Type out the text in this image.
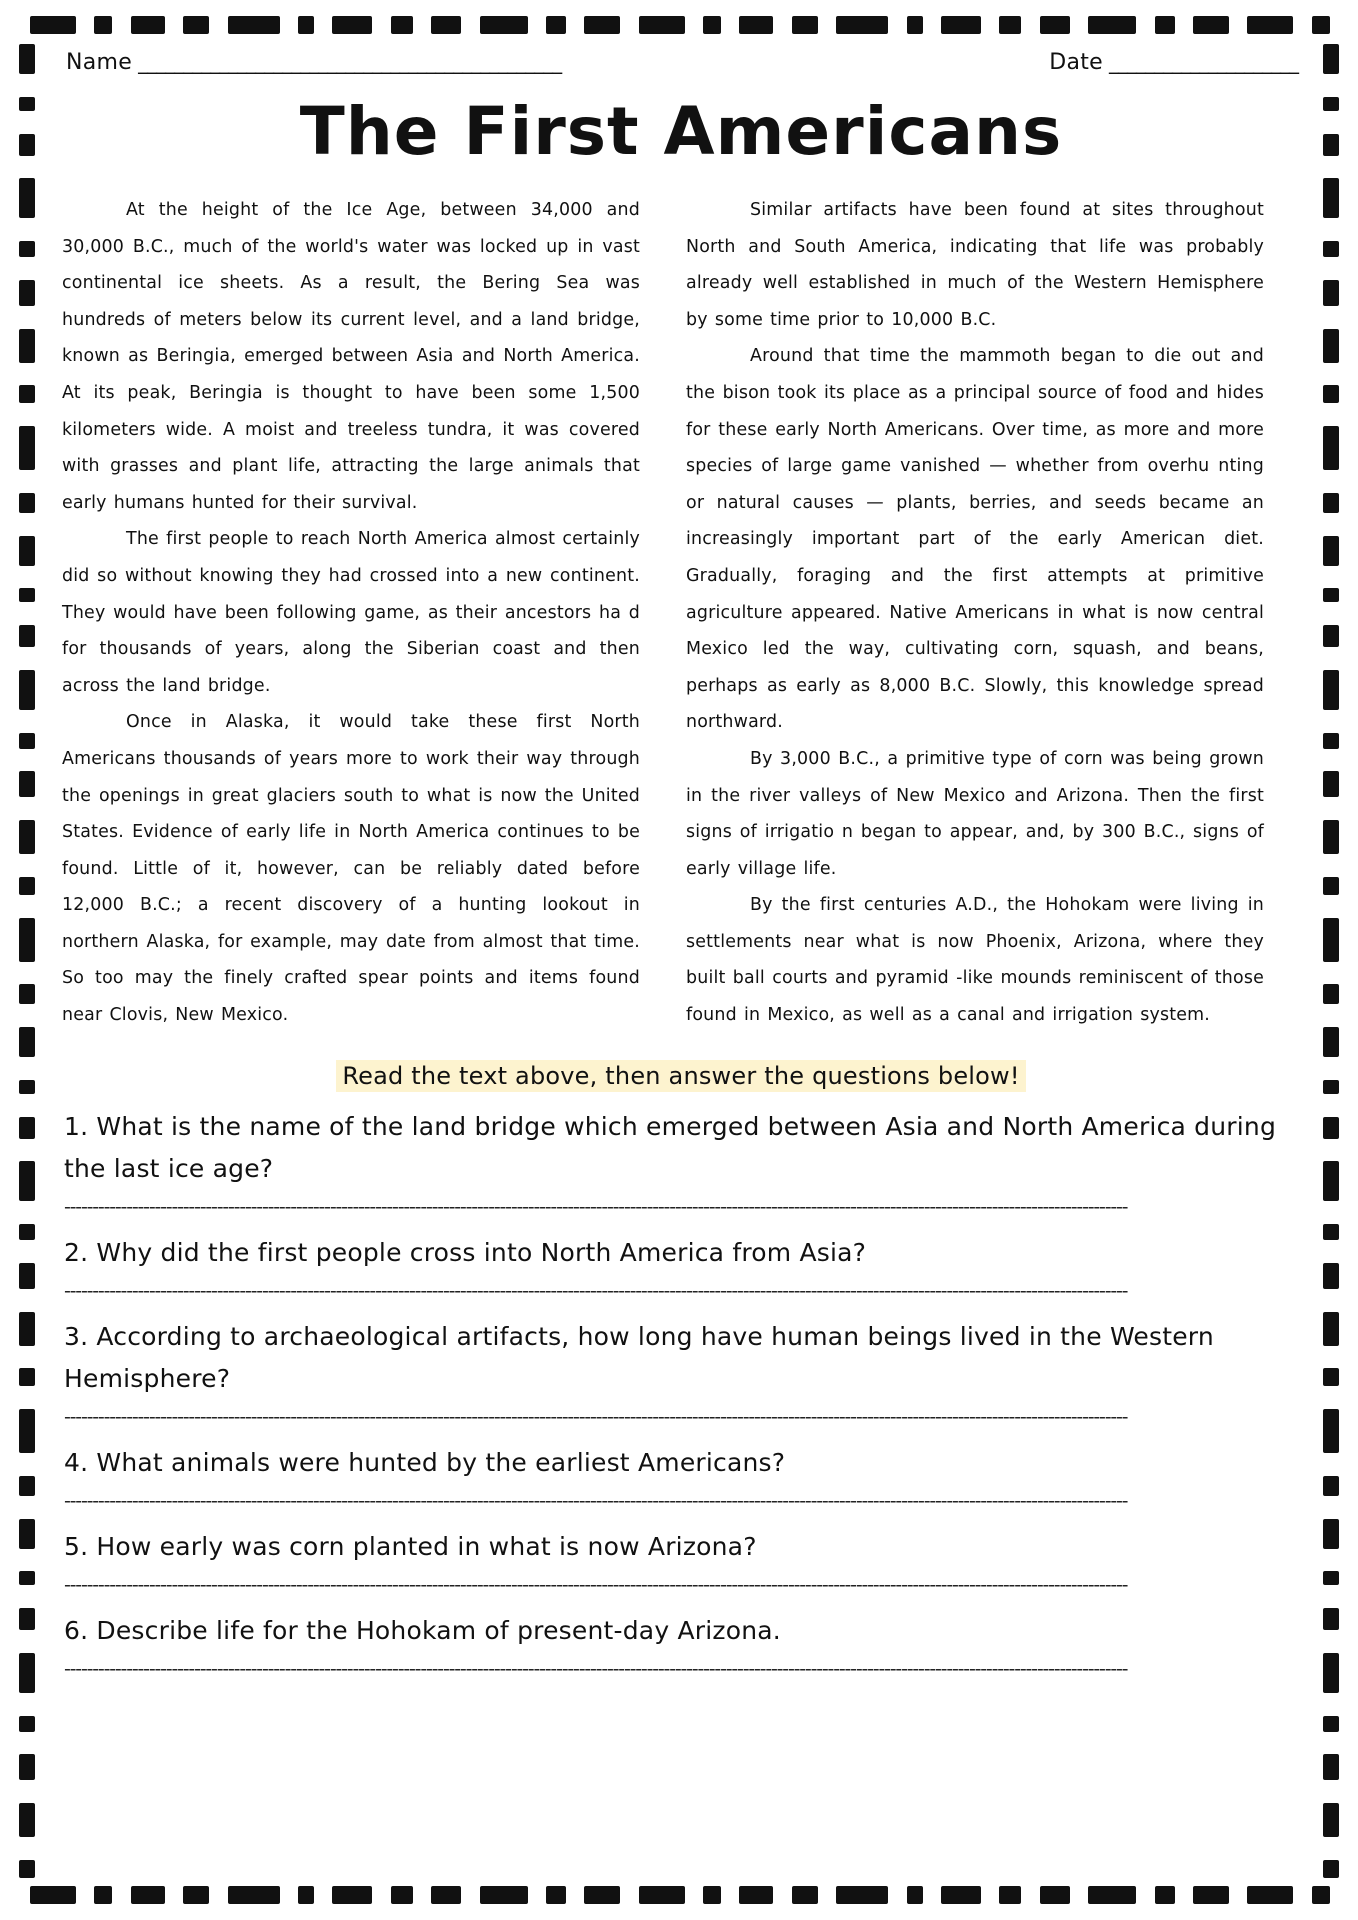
Name _______________________________________________	Date _____________________
The First Americans

At the height of the Ice Age, between 34,000 and 30,000 B.C., much of the world's water was locked up in vast continental ice sheets. As a result, the Bering Sea was hundreds of meters below its current level, and a land bridge, known as Beringia, emerged between Asia and North America. At its peak, Beringia is thought to have been some 1,500 kilometers wide. A moist and treeless tundra, it was covered with grasses and plant life, attracting the large animals that early humans hunted for their survival.

The first people to reach North America almost certainly did so without knowing they had crossed into a new continent. They would have been following game, as their ancestors ha d for thousands of years, along the Siberian coast and then across the land bridge.

Once in Alaska, it would take these first North Americans thousands of years more to work their way through the openings in great glaciers south to what is now the United States. Evidence of early life in North America continues to be found. Little of it, however, can be reliably dated before 12,000 B.C.; a recent discovery of a hunting lookout in northern Alaska, for example, may date from almost that time. So too may the finely crafted spear points and items found near Clovis, New Mexico.

Similar artifacts have been found at sites throughout North and South America, indicating that life was probably already well established in much of the Western Hemisphere by some time prior to 10,000 B.C.

Around that time the mammoth began to die out and the bison took its place as a principal source of food and hides for these early North Americans. Over time, as more and more species of large game vanished — whether from overhu nting or natural causes — plants, berries, and seeds became an increasingly important part of the early American diet. Gradually, foraging and the first attempts at primitive agriculture appeared. Native Americans in what is now central Mexico led the way, cultivating corn, squash, and beans, perhaps as early as 8,000 B.C. Slowly, this knowledge spread northward.

By 3,000 B.C., a primitive type of corn was being grown in the river valleys of New Mexico and Arizona. Then the first signs of irrigatio n began to appear, and, by 300 B.C., signs of early village life.

By the first centuries A.D., the Hohokam were living in settlements near what is now Phoenix, Arizona, where they built ball courts and pyramid -like mounds reminiscent of those found in Mexico, as well as a canal and irrigation system.

Read the text above, then answer the questions below!
1. What is the name of the land bridge which emerged between Asia and North America during the last ice age?
--------------------------------------------------------------------------------------------------------------------------------------------------------------------------------------------
2. Why did the first people cross into North America from Asia?
--------------------------------------------------------------------------------------------------------------------------------------------------------------------------------------------
3. According to archaeological artifacts, how long have human beings lived in the Western Hemisphere?
--------------------------------------------------------------------------------------------------------------------------------------------------------------------------------------------
4. What animals were hunted by the earliest Americans?
--------------------------------------------------------------------------------------------------------------------------------------------------------------------------------------------
5. How early was corn planted in what is now Arizona?
--------------------------------------------------------------------------------------------------------------------------------------------------------------------------------------------
6. Describe life for the Hohokam of present-day Arizona.
--------------------------------------------------------------------------------------------------------------------------------------------------------------------------------------------
